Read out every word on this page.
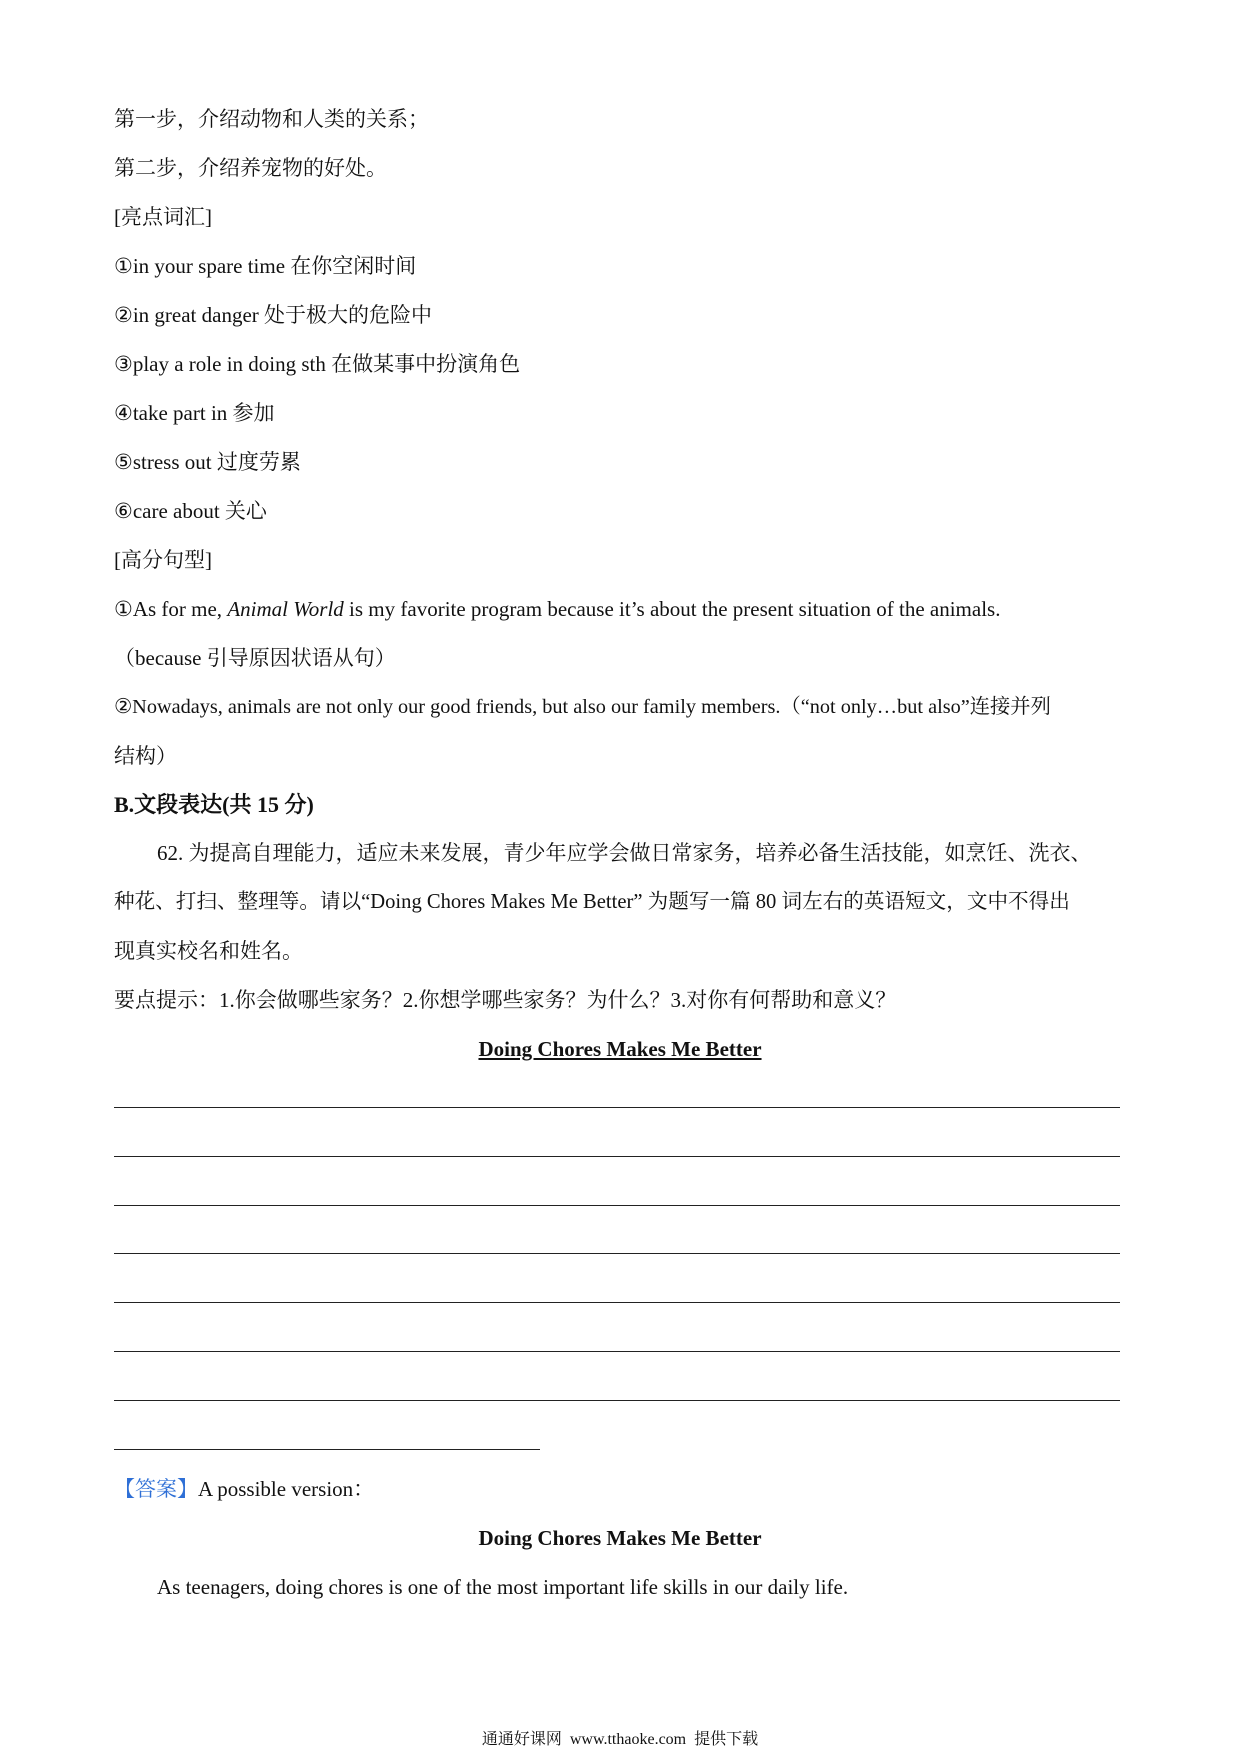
第一步，介绍动物和人类的关系；
第二步，介绍养宠物的好处。
[亮点词汇]
①in your spare time 在你空闲时间
②in great danger 处于极大的危险中
③play a role in doing sth 在做某事中扮演角色
④take part in 参加
⑤stress out 过度劳累
⑥care about 关心
[高分句型]
①As for me, Animal World is my favorite program because it’s about the present situation of the animals.
（because 引导原因状语从句）
②Nowadays, animals are not only our good friends, but also our family members.（“not only…but also”连接并列
结构）
B.文段表达(共 15 分)
62. 为提高自理能力，适应未来发展，青少年应学会做日常家务，培养必备生活技能，如烹饪、洗衣、
种花、打扫、整理等。请以“Doing Chores Makes Me Better” 为题写一篇 80 词左右的英语短文，文中不得出
现真实校名和姓名。
要点提示：1.你会做哪些家务？2.你想学哪些家务？为什么？3.对你有何帮助和意义？
Doing Chores Makes Me Better
【答案】A possible version：
Doing Chores Makes Me Better
As teenagers, doing chores is one of the most important life skills in our daily life.
通通好课网 www.tthaoke.com 提供下载
